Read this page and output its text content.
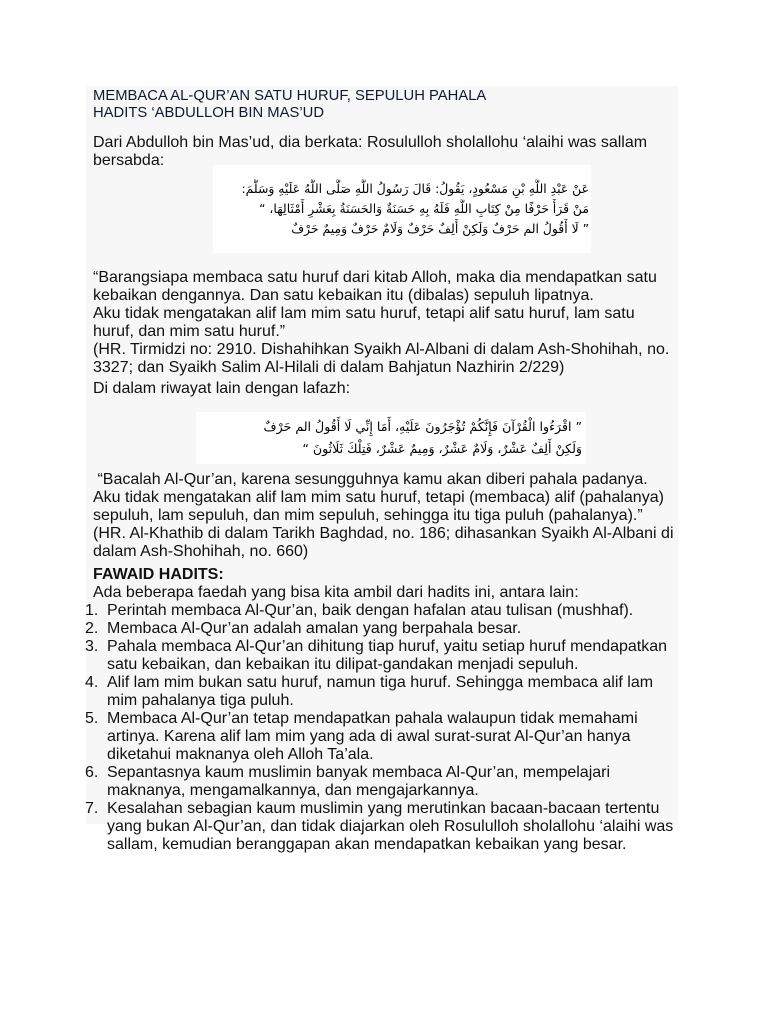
MEMBACA AL-QUR’AN SATU HURUF, SEPULUH PAHALA
HADITS ‘ABDULLOH BIN MAS’UD

Dari Abdulloh bin Mas’ud, dia berkata: Rosululloh sholallohu ‘alaihi was sallam bersabda:

عَنْ عَبْدِ اللَّهِ بْنِ مَسْعُودٍ، يَقُولُ: قَالَ رَسُولُ اللَّهِ صَلَّى اللَّهُ عَلَيْهِ وَسَلَّمَ:
مَنْ قَرَأَ حَرْفًا مِنْ كِتَابِ اللَّهِ فَلَهُ بِهِ حَسَنَةٌ وَالحَسَنَةُ بِعَشْرِ أَمْثَالِهَا، “
” لَا أَقُولُ الم حَرْفٌ وَلَكِنْ أَلِفٌ حَرْفٌ وَلَامٌ حَرْفٌ وَمِيمٌ حَرْفٌ

“Barangsiapa membaca satu huruf dari kitab Alloh, maka dia mendapatkan satu kebaikan dengannya. Dan satu kebaikan itu (dibalas) sepuluh lipatnya.

Aku tidak mengatakan alif lam mim satu huruf, tetapi alif satu huruf, lam satu huruf, dan mim satu huruf.”

(HR. Tirmidzi no: 2910. Dishahihkan Syaikh Al-Albani di dalam Ash-Shohihah, no. 3327; dan Syaikh Salim Al-Hilali di dalam Bahjatun Nazhirin 2/229)

Di dalam riwayat lain dengan lafazh:

” اقْرَءُوا الْقُرْآنَ فَإِنَّكُمْ تُؤْجَرُونَ عَلَيْهِ، أَمَا إِنِّي لَا أَقُولُ الم حَرْفٌ
وَلَكِنْ أَلِفٌ عَشْرٌ، وَلَامٌ عَشْرٌ، وَمِيمٌ عَشْرٌ، فَتِلْكَ ثَلَاثُونَ “

“Bacalah Al-Qur’an, karena sesungguhnya kamu akan diberi pahala padanya.

Aku tidak mengatakan alif lam mim satu huruf, tetapi (membaca) alif (pahalanya) sepuluh, lam sepuluh, dan mim sepuluh, sehingga itu tiga puluh (pahalanya).”

(HR. Al-Khathib di dalam Tarikh Baghdad, no. 186; dihasankan Syaikh Al-Albani di dalam Ash-Shohihah, no. 660)

FAWAID HADITS:

Ada beberapa faedah yang bisa kita ambil dari hadits ini, antara lain:

1. Perintah membaca Al-Qur’an, baik dengan hafalan atau tulisan (mushhaf).
2. Membaca Al-Qur’an adalah amalan yang berpahala besar.
3. Pahala membaca Al-Qur’an dihitung tiap huruf, yaitu setiap huruf mendapatkan satu kebaikan, dan kebaikan itu dilipat-gandakan menjadi sepuluh.
4. Alif lam mim bukan satu huruf, namun tiga huruf. Sehingga membaca alif lam mim pahalanya tiga puluh.
5. Membaca Al-Qur’an tetap mendapatkan pahala walaupun tidak memahami artinya. Karena alif lam mim yang ada di awal surat-surat Al-Qur’an hanya diketahui maknanya oleh Alloh Ta’ala.
6. Sepantasnya kaum muslimin banyak membaca Al-Qur’an, mempelajari maknanya, mengamalkannya, dan mengajarkannya.
7. Kesalahan sebagian kaum muslimin yang merutinkan bacaan-bacaan tertentu yang bukan Al-Qur’an, dan tidak diajarkan oleh Rosululloh sholallohu ‘alaihi was sallam, kemudian beranggapan akan mendapatkan kebaikan yang besar.
